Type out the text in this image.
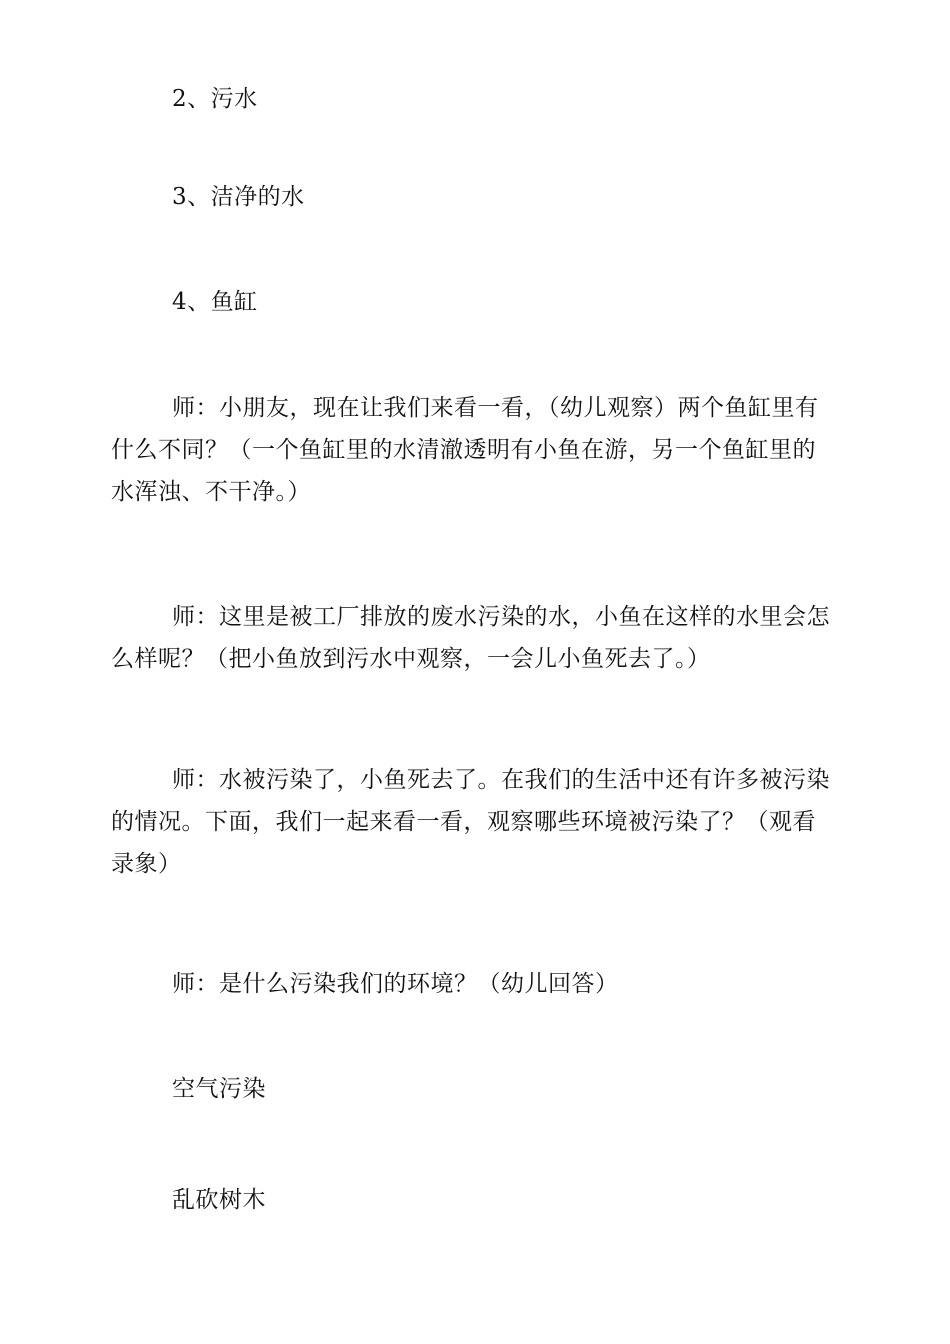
2、污水

3、洁净的水

4、鱼缸

师：小朋友，现在让我们来看一看，（幼儿观察）两个鱼缸里有什么不同？（一个鱼缸里的水清澈透明有小鱼在游，另一个鱼缸里的水浑浊、不干净。）

师：这里是被工厂排放的废水污染的水，小鱼在这样的水里会怎么样呢？（把小鱼放到污水中观察，一会儿小鱼死去了。）

师：水被污染了，小鱼死去了。在我们的生活中还有许多被污染的情况。下面，我们一起来看一看，观察哪些环境被污染了？（观看录象）

师：是什么污染我们的环境？（幼儿回答）

空气污染

乱砍树木
